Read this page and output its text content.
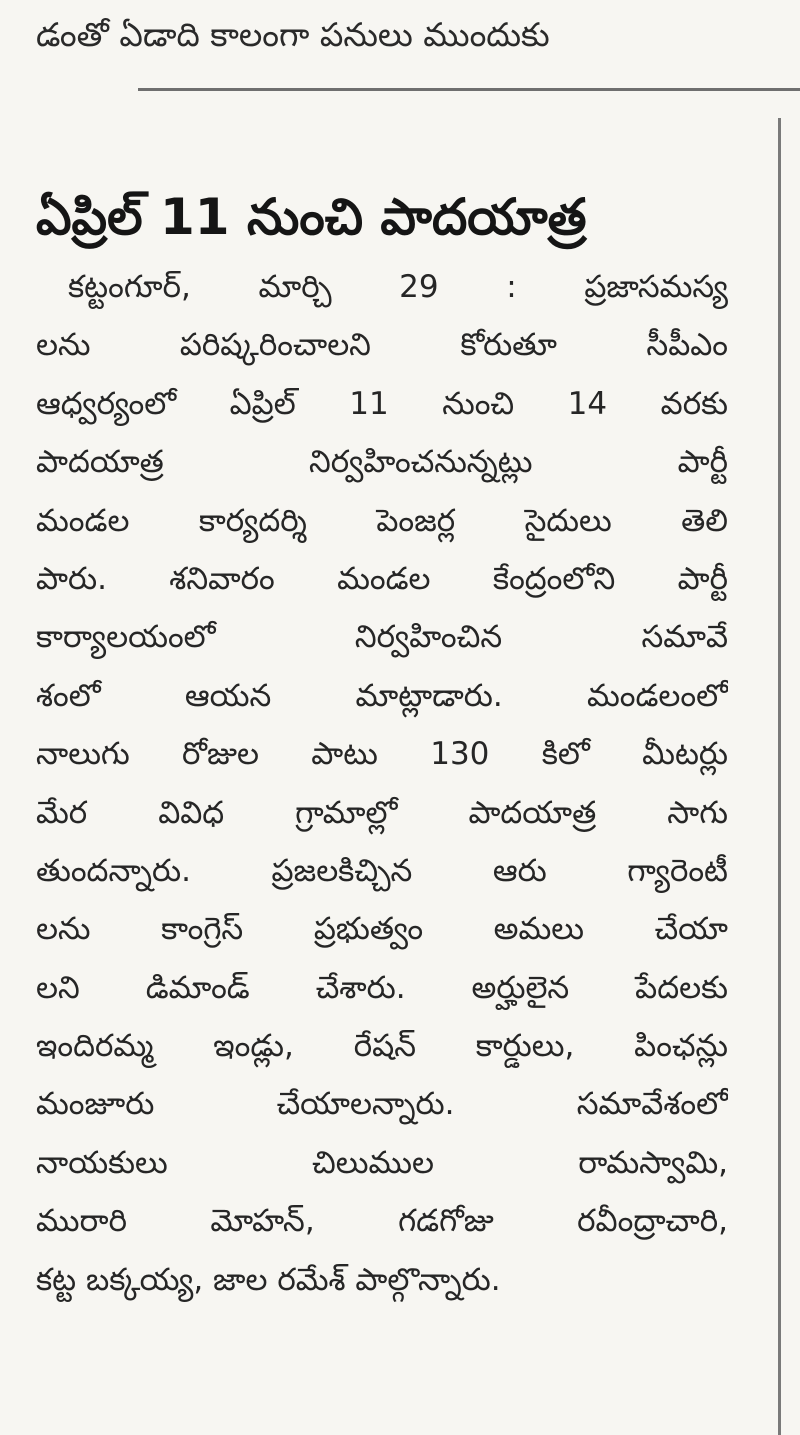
డంతో ఏడాది కాలంగా పనులు ముందుకు
ఏప్రిల్ 11 నుంచి పాదయాత్ర
కట్టంగూర్, మార్చి 29 : ప్రజాసమస్య
లను పరిష్కరించాలని కోరుతూ సీపీఎం
ఆధ్వర్యంలో ఏప్రిల్ 11 నుంచి 14 వరకు
పాదయాత్ర నిర్వహించనున్నట్లు పార్టీ
మండల కార్యదర్శి పెంజర్ల సైదులు తెలి
పారు. శనివారం మండల కేంద్రంలోని పార్టీ
కార్యాలయంలో నిర్వహించిన సమావే
శంలో ఆయన మాట్లాడారు. మండలంలో
నాలుగు రోజుల పాటు 130 కిలో మీటర్లు
మేర వివిధ గ్రామాల్లో పాదయాత్ర సాగు
తుందన్నారు. ప్రజలకిచ్చిన ఆరు గ్యారెంటీ
లను కాంగ్రెస్ ప్రభుత్వం అమలు చేయా
లని డిమాండ్ చేశారు. అర్హులైన పేదలకు
ఇందిరమ్మ ఇండ్లు, రేషన్ కార్డులు, పింఛన్లు
మంజూరు చేయాలన్నారు. సమావేశంలో
నాయకులు చిలుముల రామస్వామి,
మురారి మోహన్, గడగోజు రవీంద్రాచారి,
కట్ట బక్కయ్య, జాల రమేశ్ పాల్గొన్నారు.
